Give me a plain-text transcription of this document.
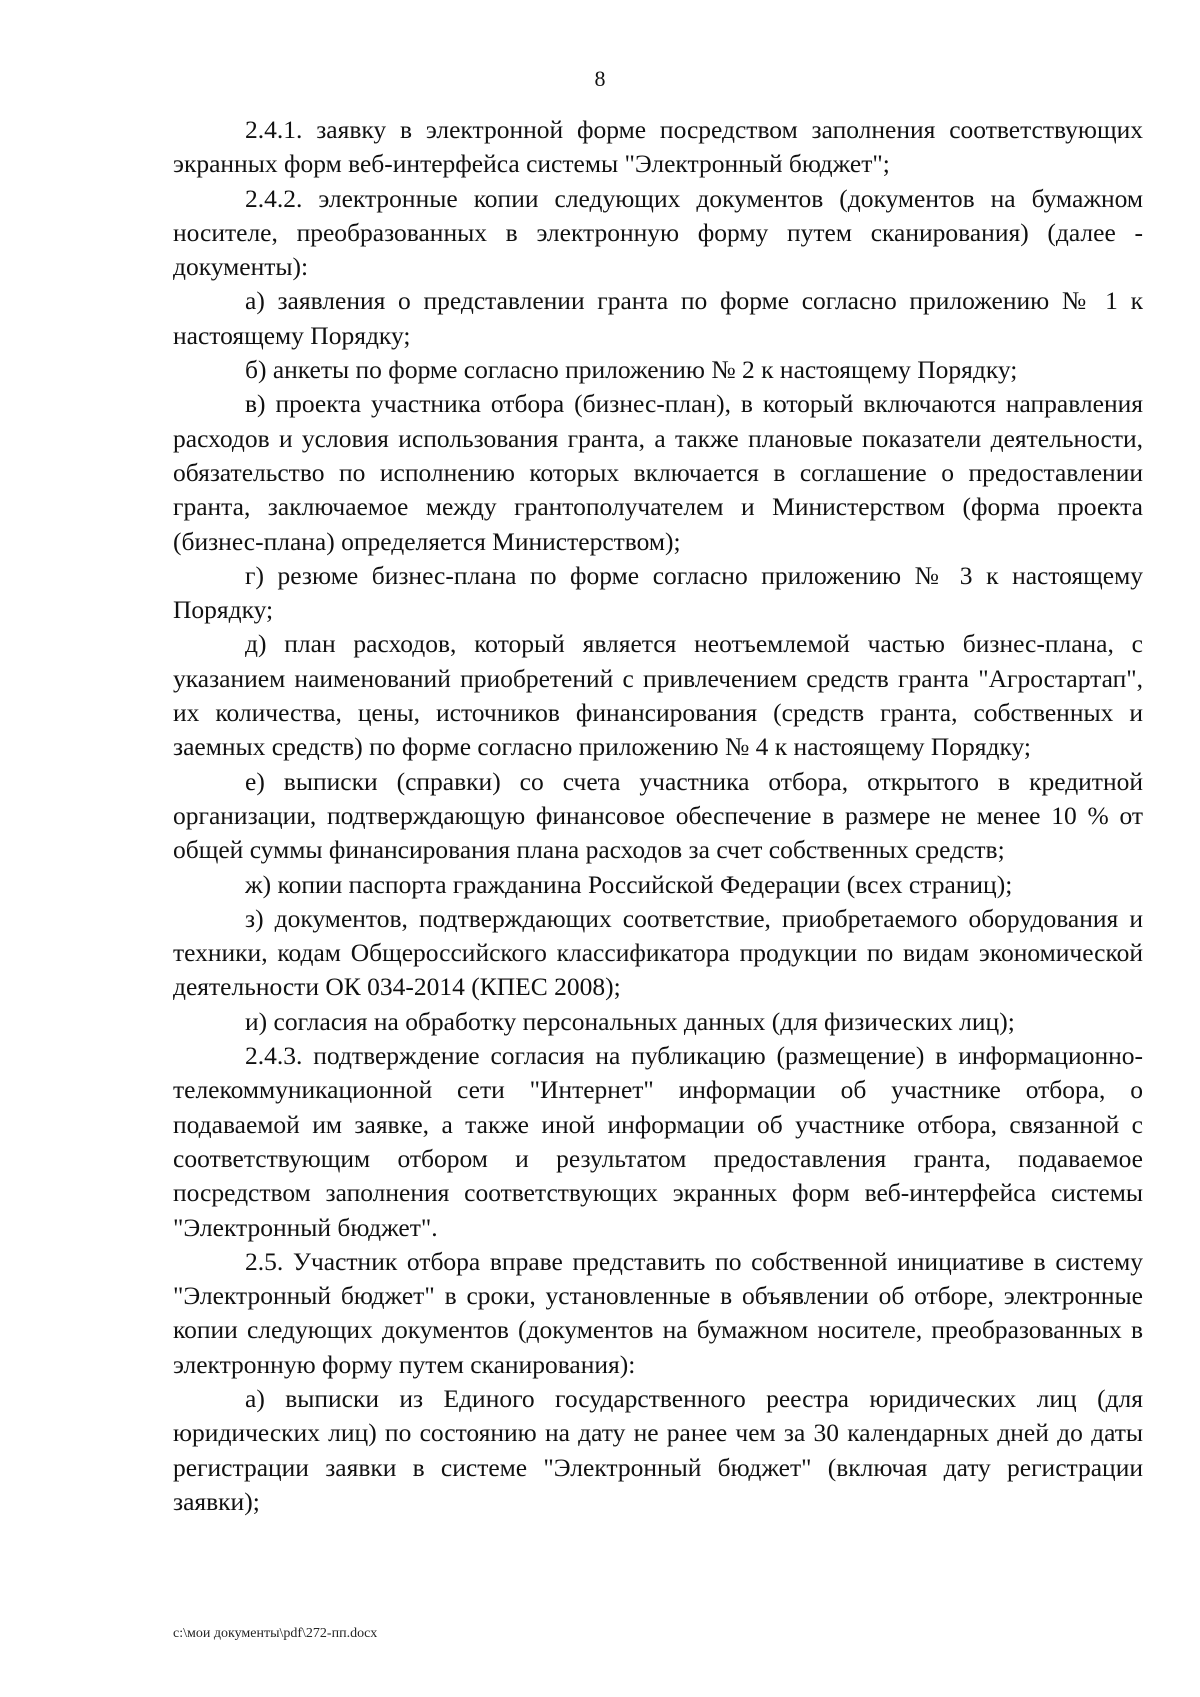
8

2.4.1. заявку в электронной форме посредством заполнения соответствующих экранных форм веб-интерфейса системы "Электронный бюджет";

2.4.2. электронные копии следующих документов (документов на бумажном носителе, преобразованных в электронную форму путем сканирования) (далее - документы):

а) заявления о представлении гранта по форме согласно приложению № 1 к настоящему Порядку;

б) анкеты по форме согласно приложению № 2 к настоящему Порядку;

в) проекта участника отбора (бизнес-план), в который включаются направления расходов и условия использования гранта, а также плановые показатели деятельности, обязательство по исполнению которых включается в соглашение о предоставлении гранта, заключаемое между грантополучателем и Министерством (форма проекта (бизнес-плана) определяется Министерством);

г) резюме бизнес-плана по форме согласно приложению № 3 к настоящему Порядку;

д) план расходов, который является неотъемлемой частью бизнес-плана, с указанием наименований приобретений с привлечением средств гранта "Агростартап", их количества, цены, источников финансирования (средств гранта, собственных и заемных средств) по форме согласно приложению № 4 к настоящему Порядку;

е) выписки (справки) со счета участника отбора, открытого в кредитной организации, подтверждающую финансовое обеспечение в размере не менее 10 % от общей суммы финансирования плана расходов за счет собственных средств;

ж) копии паспорта гражданина Российской Федерации (всех страниц);

з) документов, подтверждающих соответствие, приобретаемого оборудования и техники, кодам Общероссийского классификатора продукции по видам экономической деятельности ОК 034-2014 (КПЕС 2008);

и) согласия на обработку персональных данных (для физических лиц);

2.4.3. подтверждение согласия на публикацию (размещение) в информационно-телекоммуникационной сети "Интернет" информации об участнике отбора, о подаваемой им заявке, а также иной информации об участнике отбора, связанной с соответствующим отбором и результатом предоставления гранта, подаваемое посредством заполнения соответствующих экранных форм веб-интерфейса системы "Электронный бюджет".

2.5. Участник отбора вправе представить по собственной инициативе в систему "Электронный бюджет" в сроки, установленные в объявлении об отборе, электронные копии следующих документов (документов на бумажном носителе, преобразованных в электронную форму путем сканирования):

а) выписки из Единого государственного реестра юридических лиц (для юридических лиц) по состоянию на дату не ранее чем за 30 календарных дней до даты регистрации заявки в системе "Электронный бюджет" (включая дату регистрации заявки);

c:\мои документы\pdf\272-пп.docx
